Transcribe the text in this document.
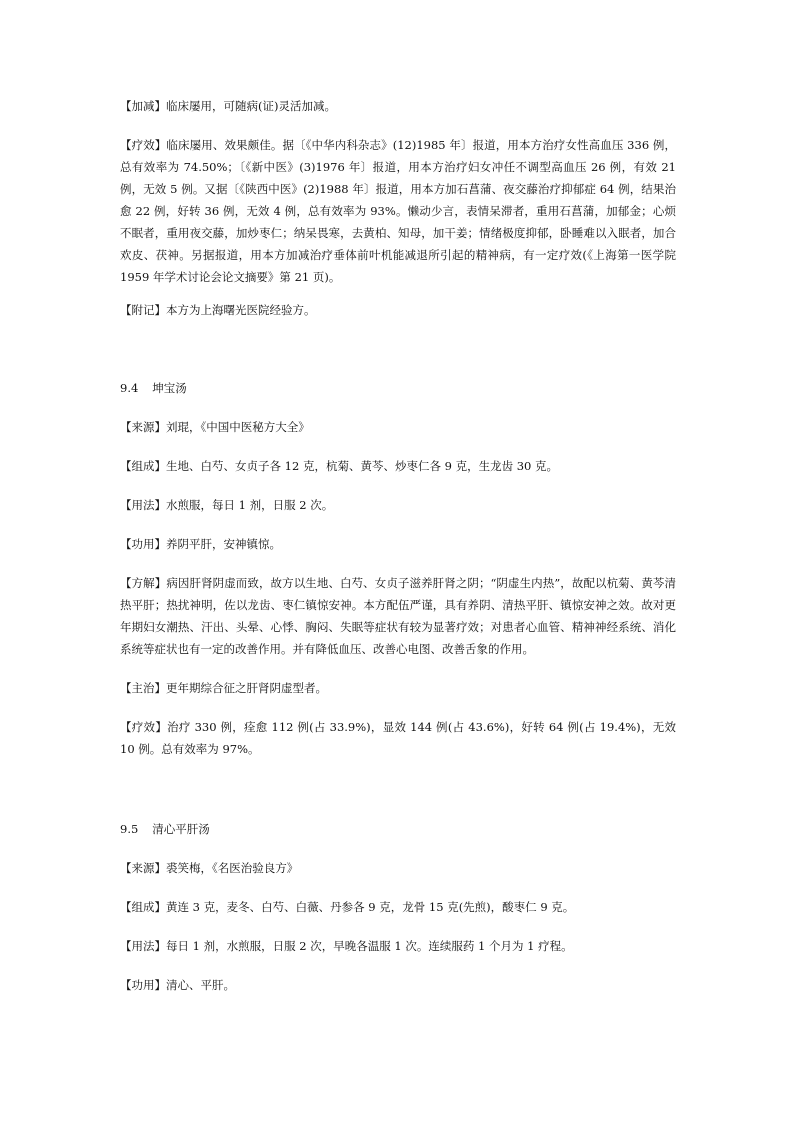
【加减】临床屡用，可随病(证)灵活加减。

【疗效】临床屡用、效果颇佳。据〔《中华内科杂志》(12)1985 年〕报道，用本方治疗女性高血压 336 例，总有效率为 74.50%；〔《新中医》(3)1976 年〕报道，用本方治疗妇女冲任不调型高血压 26 例，有效 21 例，无效 5 例。又据〔《陕西中医》(2)1988 年〕报道，用本方加石菖蒲、夜交藤治疗抑郁症 64 例，结果治愈 22 例，好转 36 例，无效 4 例，总有效率为 93%。懒动少言，表情呆滞者，重用石菖蒲，加郁金；心烦不眠者，重用夜交藤，加炒枣仁；纳呆畏寒，去黄柏、知母，加干姜；情绪极度抑郁，卧睡难以入眠者，加合欢皮、茯神。另据报道，用本方加减治疗垂体前叶机能减退所引起的精神病，有一定疗效(《上海第一医学院 1959 年学术讨论会论文摘要》第 21 页)。

【附记】本方为上海曙光医院经验方。

9.4 坤宝汤

【来源】刘琨，《中国中医秘方大全》

【组成】生地、白芍、女贞子各 12 克，杭菊、黄芩、炒枣仁各 9 克，生龙齿 30 克。

【用法】水煎服，每日 1 剂，日服 2 次。

【功用】养阴平肝，安神镇惊。

【方解】病因肝肾阴虚而致，故方以生地、白芍、女贞子滋养肝肾之阴；“阴虚生内热”，故配以杭菊、黄芩清热平肝；热扰神明，佐以龙齿、枣仁镇惊安神。本方配伍严谨，具有养阴、清热平肝、镇惊安神之效。故对更年期妇女潮热、汗出、头晕、心悸、胸闷、失眠等症状有较为显著疗效；对患者心血管、精神神经系统、消化系统等症状也有一定的改善作用。并有降低血压、改善心电图、改善舌象的作用。

【主治】更年期综合征之肝肾阴虚型者。

【疗效】治疗 330 例，痊愈 112 例(占 33.9%)，显效 144 例(占 43.6%)，好转 64 例(占 19.4%)，无效 10 例。总有效率为 97%。

9.5 清心平肝汤

【来源】裘笑梅，《名医治验良方》

【组成】黄连 3 克，麦冬、白芍、白薇、丹参各 9 克，龙骨 15 克(先煎)，酸枣仁 9 克。

【用法】每日 1 剂，水煎服，日服 2 次，早晚各温服 1 次。连续服药 1 个月为 1 疗程。

【功用】清心、平肝。
